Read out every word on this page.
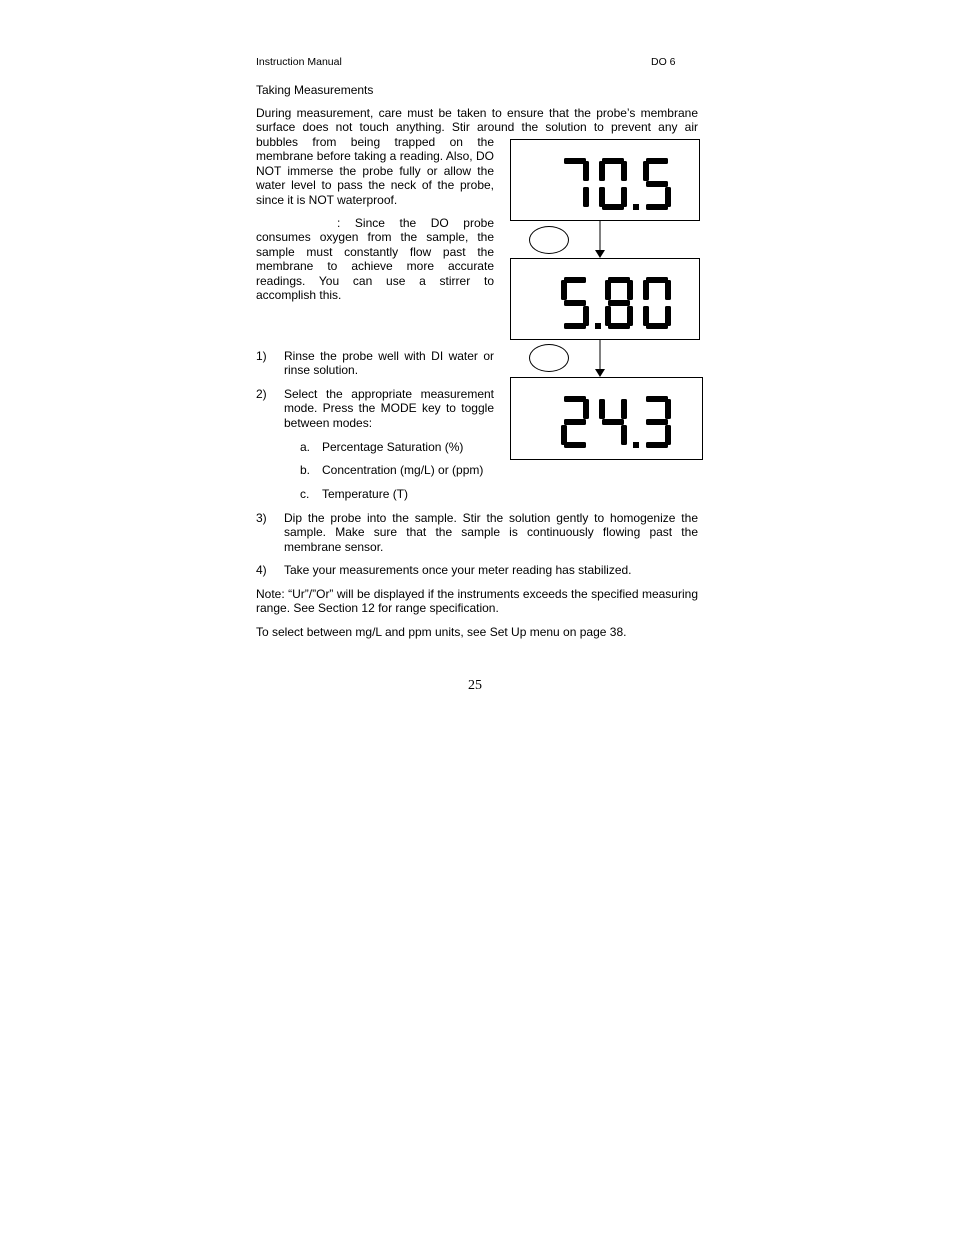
Instruction Manual	DO 6
Taking Measurements
During measurement, care must be taken to ensure that the probe’s membrane surface does not touch anything. Stir around the solution to prevent any air
bubbles from being trapped on the membrane before taking a reading. Also, DO NOT immerse the probe fully or allow the water level to pass the neck of the probe, since it is NOT waterproof.
: Since the DO probe consumes oxygen from the sample, the sample must constantly flow past the membrane to achieve more accurate readings. You can use a stirrer to accomplish this.
1) Rinse the probe well with DI water or rinse solution.
2) Select the appropriate measurement mode. Press the MODE key to toggle between modes:
a. Percentage Saturation (%)
b. Concentration (mg/L) or (ppm)
c. Temperature (T)
3) Dip the probe into the sample. Stir the solution gently to homogenize the sample. Make sure that the sample is continuously flowing past the membrane sensor.
4) Take your measurements once your meter reading has stabilized.
Note: “Ur”/”Or” will be displayed if the instruments exceeds the specified measuring range. See Section 12 for range specification.
To select between mg/L and ppm units, see Set Up menu on page 38.
25
70.5
5.80
24.3
